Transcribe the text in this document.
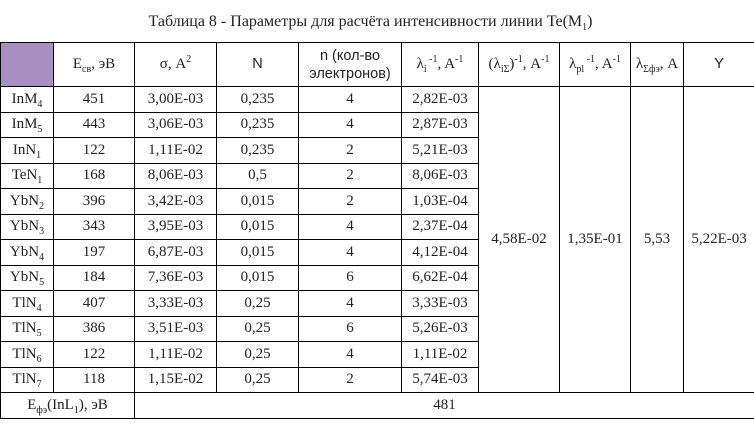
Таблица 8 - Параметры для расчёта интенсивности линии $Te(M_1)$									
	$E_{св}$, эВ	σ, $A^2$	N	n (кол-во
электронов)	$\lambda_i$ $^{-1}$, $A^{-1}$	$(\lambda_{i\Sigma})^{-1}$, $A^{-1}$	$\lambda_{pl}$ $^{-1}$, $A^{-1}$	$\lambda_{\Sigma фэ}$, A	Y
InM$_4$	451	3,00E-03	0,235	4	2,82E-03	4,58E-02	1,35E-01	5,53	5,22E-03
InM$_5$	443	3,06E-03	0,235	4	2,87E-03				
InN$_1$	122	1,11E-02	0,235	2	5,21E-03				
TeN$_1$	168	8,06E-03	0,5	2	8,06E-03				
YbN$_2$	396	3,42E-03	0,015	2	1,03E-04				
YbN$_3$	343	3,95E-03	0,015	4	2,37E-04				
YbN$_4$	197	6,87E-03	0,015	4	4,12E-04				
YbN$_5$	184	7,36E-03	0,015	6	6,62E-04				
TlN$_4$	407	3,33E-03	0,25	4	3,33E-03				
TlN$_5$	386	3,51E-03	0,25	6	5,26E-03				
TlN$_6$	122	1,11E-02	0,25	4	1,11E-02				
TlN$_7$	118	1,15E-02	0,25	2	5,74E-03				
$E_{фэ}(InL_1)$, эВ		481							
